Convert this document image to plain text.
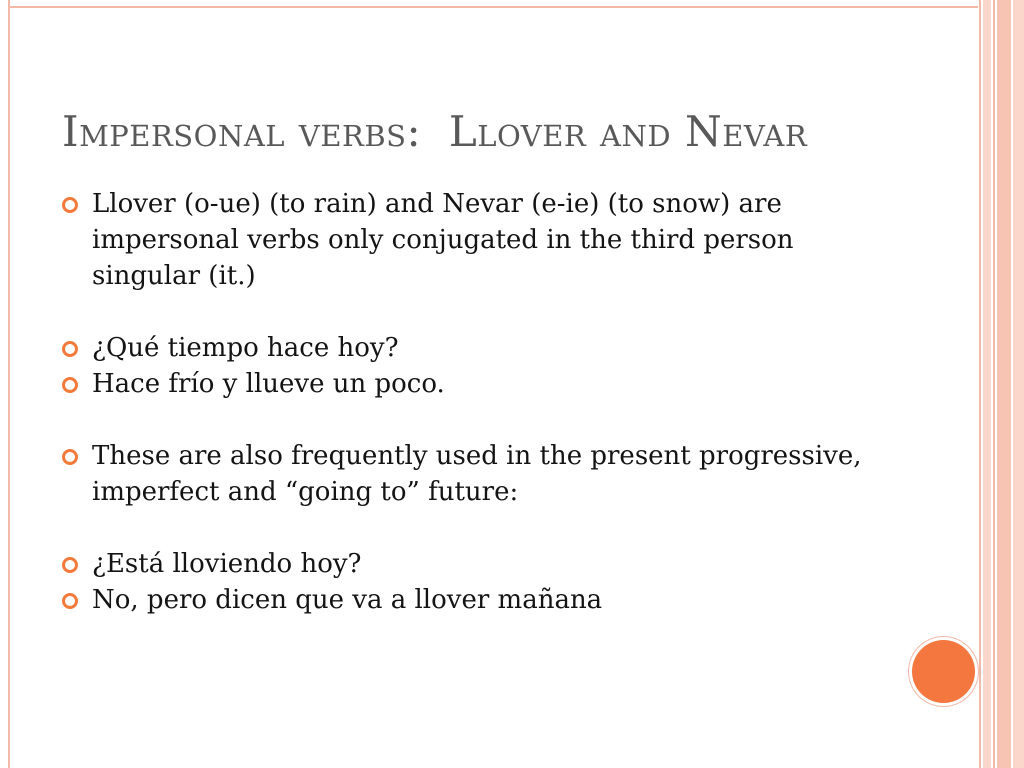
Impersonal verbs:  Llover and Nevar
Llover (o-ue) (to rain) and Nevar (e-ie) (to snow) are impersonal verbs only conjugated in the third person singular (it.)
¿Qué tiempo hace hoy?
Hace frío y llueve un poco.
These are also frequently used in the present progressive, imperfect and “going to” future:
¿Está lloviendo hoy?
No, pero dicen que va a llover mañana
